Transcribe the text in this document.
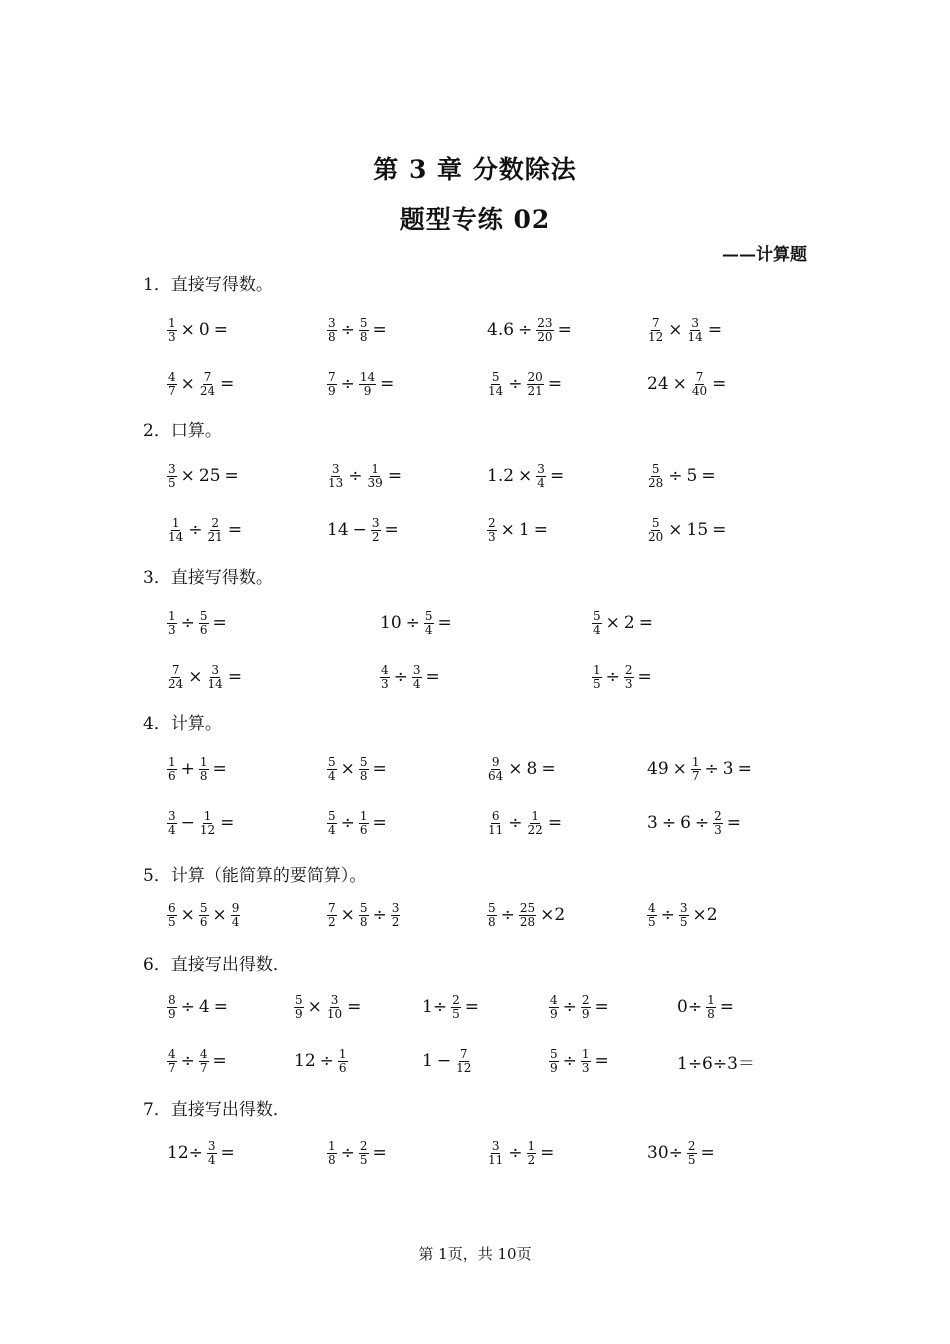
第 3 章 分数除法
题型专练 02
——计算题
1．直接写得数。
$\frac{1}{3} \times 0$ =	$\frac{3}{8} \div \frac{5}{8}$ =	$4.6 \div \frac{23}{20}$ =	$\frac{7}{12} \times \frac{3}{14}$ =
$\frac{4}{7} \times \frac{7}{24}$ =	$\frac{7}{9} \div \frac{14}{9}$ =	$\frac{5}{14} \div \frac{20}{21}$ =	$24 \times \frac{7}{40}$ =
2．口算。
$\frac{3}{5} \times 25$ =	$\frac{3}{13} \div \frac{1}{39}$ =	$1.2 \times \frac{3}{4}$ =	$\frac{5}{28} \div 5$ =
$\frac{1}{14} \div \frac{2}{21}$ =	$14 - \frac{3}{2}$ =	$\frac{2}{3} \times 1$ =	$\frac{5}{20} \times 15$ =
3．直接写得数。
$\frac{1}{3} \div \frac{5}{6}$ =	$10 \div \frac{5}{4}$ =	$\frac{5}{4} \times 2$ =
$\frac{7}{24} \times \frac{3}{14}$ =	$\frac{4}{3} \div \frac{3}{4}$ =	$\frac{1}{5} \div \frac{2}{3}$ =
4．计算。
$\frac{1}{6} + \frac{1}{8}$ =	$\frac{5}{4} \times \frac{5}{8}$ =	$\frac{9}{64} \times 8$ =	$49 \times \frac{1}{7} \div 3$ =
$\frac{3}{4} - \frac{1}{12}$ =	$\frac{5}{4} \div \frac{1}{6}$ =	$\frac{6}{11} \div \frac{1}{22}$ =	$3 \div 6 \div \frac{2}{3}$ =
5．计算（能简算的要简算）。
$\frac{6}{5} \times \frac{5}{6} \times \frac{9}{4}$	$\frac{7}{2} \times \frac{5}{8} \div \frac{3}{2}$	$\frac{5}{8} \div \frac{25}{28} \times 2$	$\frac{4}{5} \div \frac{3}{5} \times 2$
6．直接写出得数．
$\frac{8}{9} \div 4$ =	$\frac{5}{9} \times \frac{3}{10}$ =	$1\div \frac{2}{5}$ =	$\frac{4}{9} \div \frac{2}{9}$ =	$0\div \frac{1}{8}$ =
$\frac{4}{7} \div \frac{4}{7}$ =	$12 \div \frac{1}{6}$	$1 - \frac{7}{12}$	$\frac{5}{9} \div \frac{1}{3}$ =	1÷6÷3＝
7．直接写出得数．
$12\div \frac{3}{4}$ =	$\frac{1}{8} \div \frac{2}{5}$ =	$\frac{3}{11} \div \frac{1}{2}$ =	$30\div \frac{2}{5}$ =
第 1页，共 10页
